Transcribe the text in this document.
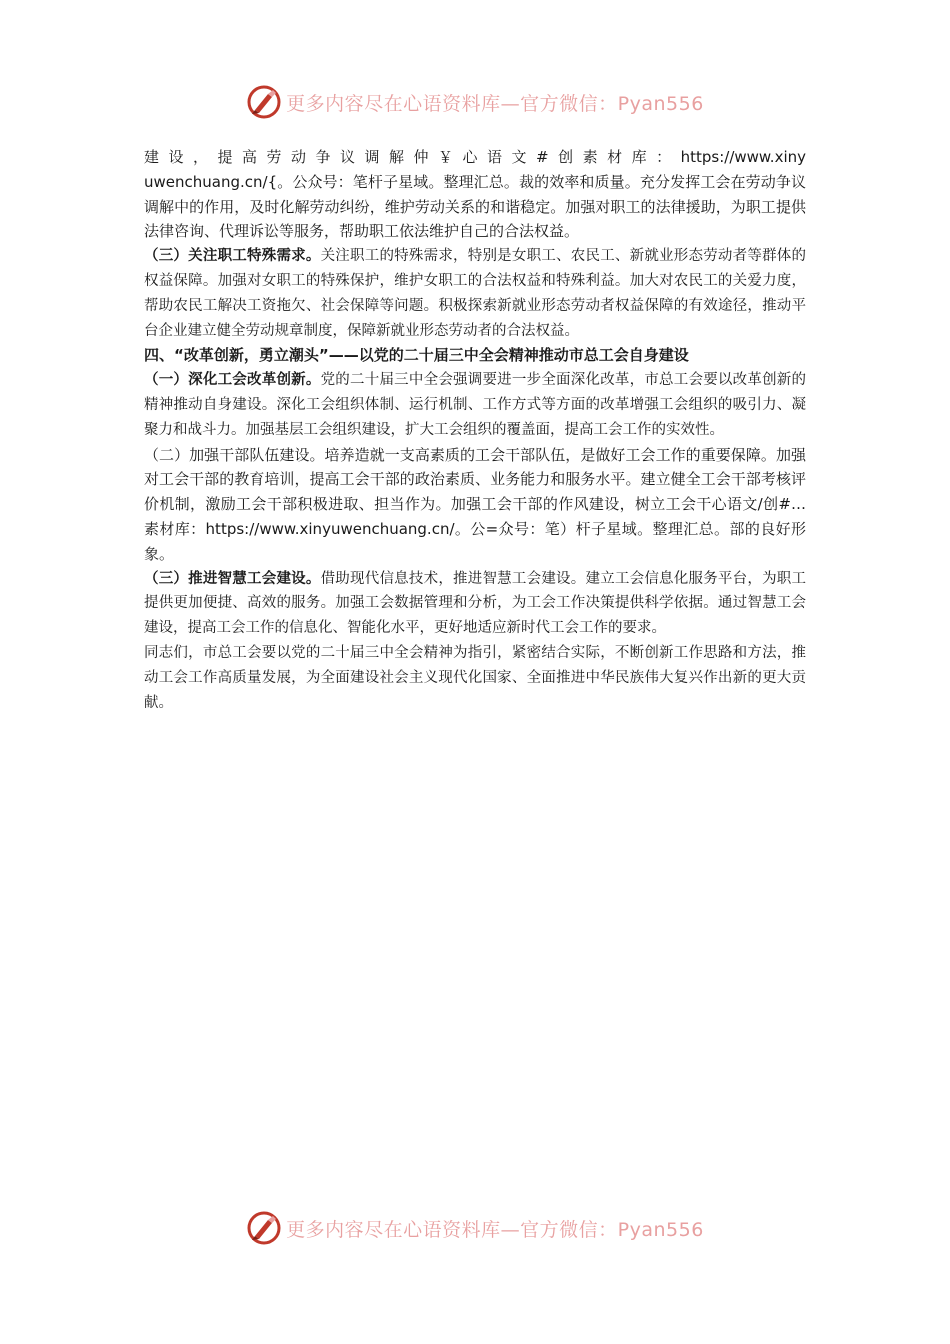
更多内容尽在心语资料库—官方微信：Pyan556

建设，提高劳动争议调解仲￥心语文#创素材库：https://www.xinyuwenchuang.cn/{。公众号：笔杆子星域。整理汇总。裁的效率和质量。充分发挥工会在劳动争议调解中的作用，及时化解劳动纠纷，维护劳动关系的和谐稳定。加强对职工的法律援助，为职工提供法律咨询、代理诉讼等服务，帮助职工依法维护自己的合法权益。

（三）关注职工特殊需求。关注职工的特殊需求，特别是女职工、农民工、新就业形态劳动者等群体的权益保障。加强对女职工的特殊保护，维护女职工的合法权益和特殊利益。加大对农民工的关爱力度，帮助农民工解决工资拖欠、社会保障等问题。积极探索新就业形态劳动者权益保障的有效途径，推动平台企业建立健全劳动规章制度，保障新就业形态劳动者的合法权益。

四、“改革创新，勇立潮头”——以党的二十届三中全会精神推动市总工会自身建设

（一）深化工会改革创新。党的二十届三中全会强调要进一步全面深化改革，市总工会要以改革创新的精神推动自身建设。深化工会组织体制、运行机制、工作方式等方面的改革增强工会组织的吸引力、凝聚力和战斗力。加强基层工会组织建设，扩大工会组织的覆盖面，提高工会工作的实效性。

（二）加强干部队伍建设。培养造就一支高素质的工会干部队伍，是做好工会工作的重要保障。加强对工会干部的教育培训，提高工会干部的政治素质、业务能力和服务水平。建立健全工会干部考核评价机制，激励工会干部积极进取、担当作为。加强工会干部的作风建设，树立工会干心语文/创#…素材库：https://www.xinyuwenchuang.cn/。公=众号：笔）杆子星域。整理汇总。部的良好形象。

（三）推进智慧工会建设。借助现代信息技术，推进智慧工会建设。建立工会信息化服务平台，为职工提供更加便捷、高效的服务。加强工会数据管理和分析，为工会工作决策提供科学依据。通过智慧工会建设，提高工会工作的信息化、智能化水平，更好地适应新时代工会工作的要求。

同志们，市总工会要以党的二十届三中全会精神为指引，紧密结合实际，不断创新工作思路和方法，推动工会工作高质量发展，为全面建设社会主义现代化国家、全面推进中华民族伟大复兴作出新的更大贡献。

更多内容尽在心语资料库—官方微信：Pyan556
